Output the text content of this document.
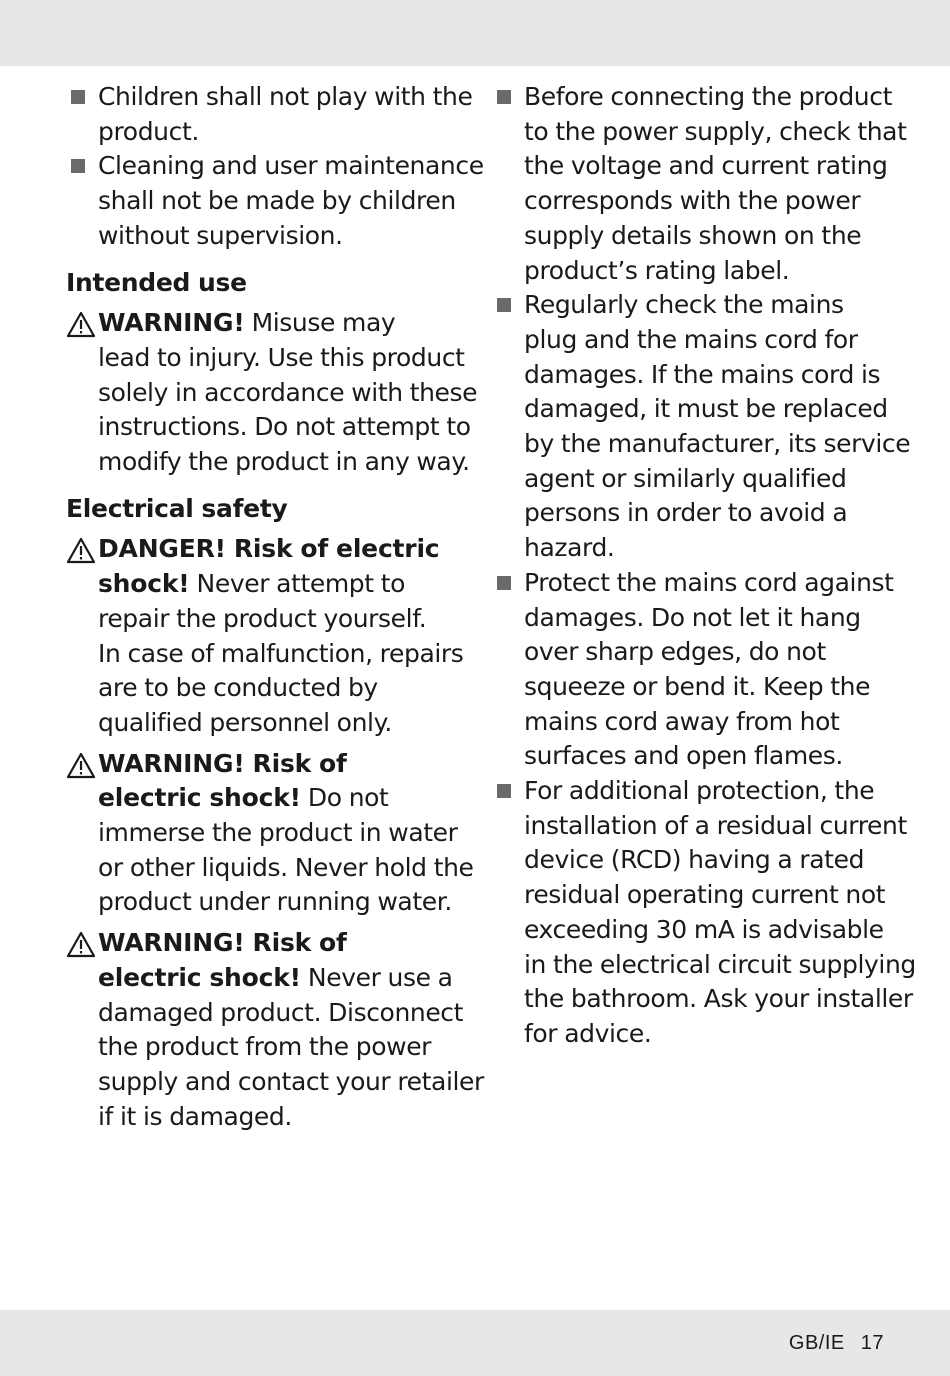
Children shall not play with the
product.
Cleaning and user maintenance
shall not be made by children
without supervision.
Intended use
WARNING! Misuse may
lead to injury. Use this product
solely in accordance with these
instructions. Do not attempt to
modify the product in any way.
Electrical safety
DANGER! Risk of electric
shock! Never attempt to
repair the product yourself.
In case of malfunction, repairs
are to be conducted by
qualified personnel only.
WARNING! Risk of
electric shock! Do not
immerse the product in water
or other liquids. Never hold the
product under running water.
WARNING! Risk of
electric shock! Never use a
damaged product. Disconnect
the product from the power
supply and contact your retailer
if it is damaged.
Before connecting the product
to the power supply, check that
the voltage and current rating
corresponds with the power
supply details shown on the
product’s rating label.
Regularly check the mains
plug and the mains cord for
damages. If the mains cord is
damaged, it must be replaced
by the manufacturer, its service
agent or similarly qualified
persons in order to avoid a
hazard.
Protect the mains cord against
damages. Do not let it hang
over sharp edges, do not
squeeze or bend it. Keep the
mains cord away from hot
surfaces and open flames.
For additional protection, the
installation of a residual current
device (RCD) having a rated
residual operating current not
exceeding 30 mA is advisable
in the electrical circuit supplying
the bathroom. Ask your installer
for advice.
GB/IE 17
